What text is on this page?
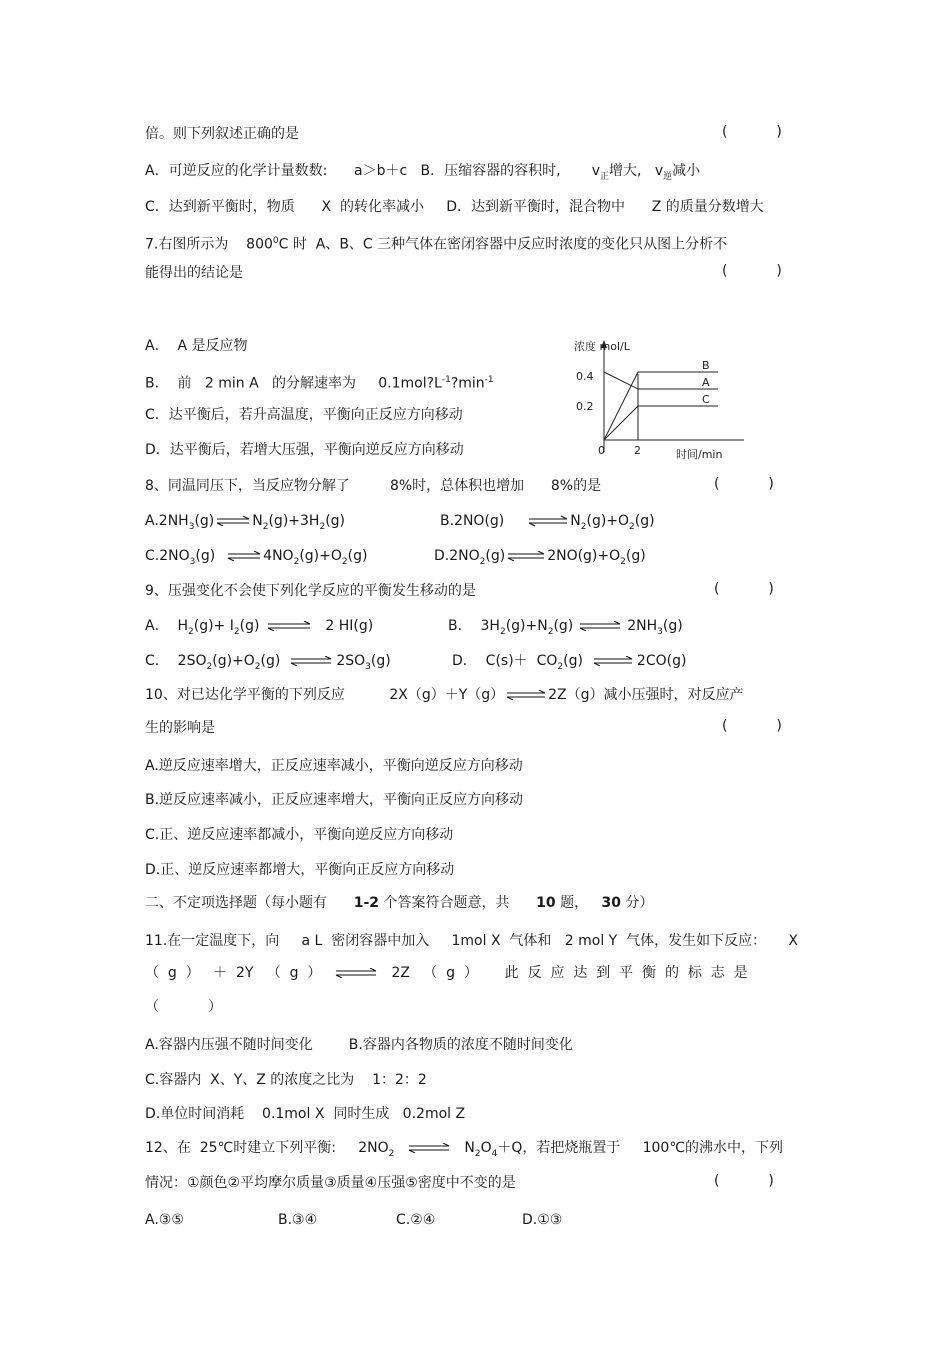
倍。则下列叙述正确的是	(           )
A．可逆反应的化学计量数数:      a＞b＋c   B．压缩容器的容积时,       $v_正$增大,   $v_逆$减小
C．达到新平衡时，物质      X  的转化率减小     D．达到新平衡时，混合物中      Z 的质量分数增大
7.右图所示为    $800^0C$ 时  A、B、C 三种气体在密闭容器中反应时浓度的变化只从图上分析不
能得出的结论是	(           )
A．  A 是反应物
B．  前   2 min A   的分解速率为     $0.1mol?L^{-1}?\min^{-1}$
C．达平衡后，若升高温度，平衡向正反应方向移动
D．达平衡后，若增大压强，平衡向逆反应方向移动
浓度 mol/L
时间/min
0.4
0.2
0	2
B
A
C
8、同温同压下，当反应物分解了         8%时，总体积也增加      8%的是	(           )
$A.2NH_3(g)$ ⇌ $N_2(g)+3H_2(g)$	B.2NO(g) ⇌ $N_2(g)+O_2(g)$
$C.2NO_3(g)$ ⇌ $4NO_2(g)+O_2(g)$	$D.2NO_2(g)$ ⇌ $2NO(g)+O_2(g)$
9、压强变化不会使下列化学反应的平衡发生移动的是	(           )
A．  $H_2(g)+ I_2(g)$ ⇌ 2 HI(g)	B．  $3H_2(g)+N_2(g)$ ⇌ $2NH_3(g)$
C．  $2SO_2(g)+O_2(g)$ ⇌ $2SO_3(g)$	D．  $C(s)+ CO_2(g)$ ⇌ 2CO(g)
10、对已达化学平衡的下列反应          2X（g）＋Y（g） ⇌ 2Z（g）减小压强时，对反应产
生的影响是	(           )
A.逆反应速率增大，正反应速率减小，平衡向逆反应方向移动
B.逆反应速率减小，正反应速率增大，平衡向正反应方向移动
C.正、逆反应速率都减小，平衡向逆反应方向移动
D.正、逆反应速率都增大，平衡向正反应方向移动
二、不定项选择题（每小题有      1-2 个答案符合题意，共      10 题，   30 分）
11.在一定温度下，向     a L  密闭容器中加入     1mol X  气体和   2 mol Y  气体，发生如下反应：     X
（  g  ）   ＋  2Y   （  g  ） ⇌ 2Z   （  g  ）      此  反  应  达  到  平  衡  的  标  志  是
（           ）
A.容器内压强不随时间变化	B.容器内各物质的浓度不随时间变化
C.容器内  X、Y、Z 的浓度之比为    1：2：2
D.单位时间消耗    0.1mol X  同时生成   0.2mol Z
12、在  25℃时建立下列平衡:     $2NO_2$ ⇌ $N_2O_4+Q$，若把烧瓶置于     100℃的沸水中，下列
情况：①颜色②平均摩尔质量③质量④压强⑤密度中不变的是	(           )
A.③⑤	B.③④	C.②④	D.①③
